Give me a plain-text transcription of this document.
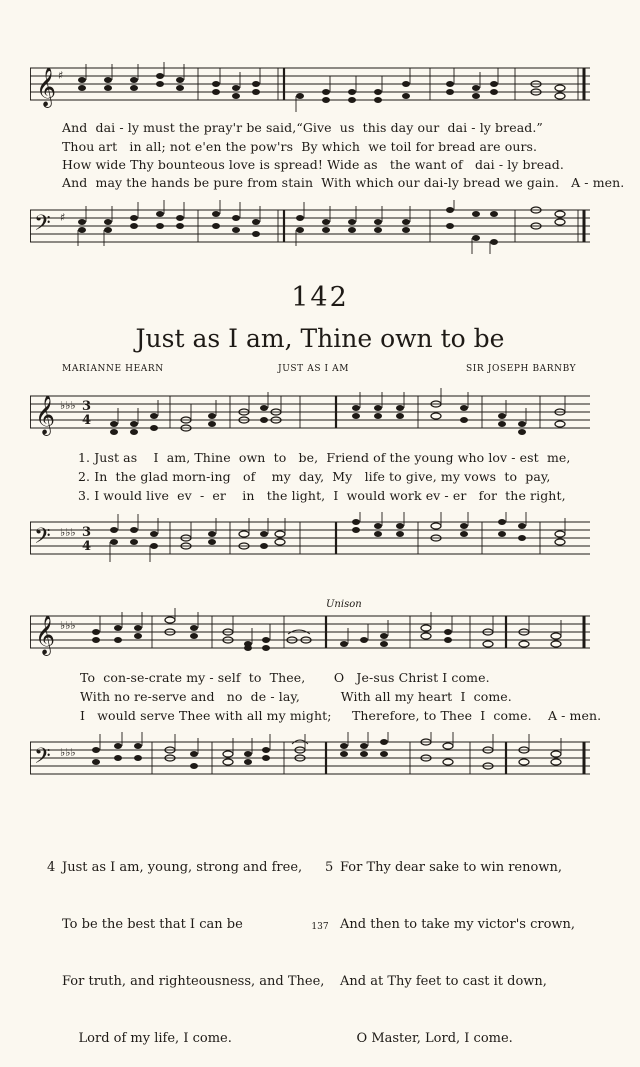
𝄞 ♯
And  dai - ly must the pray'r be said,“Give  us  this day our  dai - ly bread.”
Thou art   in all; not e'en the pow'rs  By which  we toil for bread are ours.
How wide Thy bounteous love is spread! Wide as   the want of   dai - ly bread.
And  may the hands be pure from stain  With which our dai-ly bread we gain.   A - men.
𝄢 ♯
142
Just as I am, Thine own to be
MARIANNE HEARN	JUST AS I AM	SIR JOSEPH BARNBY
𝄞 ♭♭♭ 3
4
1. Just as    I  am, Thine  own  to   be,  Friend of the young who lov - est  me,
2. In  the glad morn-ing   of    my  day,  My   life to give, my vows  to  pay,
3. I would live  ev  -  er    in   the light,  I  would work ev - er   for  the right,
𝄢 ♭♭♭ 3
4
Unison
𝄞 ♭♭♭
To  con-se-crate my - self  to  Thee,       O   Je-sus Christ I come.
With no re-serve and   no  de - lay,          With all my heart  I  come.
I   would serve Thee with all my might;     Therefore, to Thee  I  come.    A - men.
𝄢 ♭♭♭

4 Just as I am, young, strong and free,

To be the best that I can be

For truth, and righteousness, and Thee,

Lord of my life, I come.

5 For Thy dear sake to win renown,

And then to take my victor's crown,

And at Thy feet to cast it down,

O Master, Lord, I come.

137
